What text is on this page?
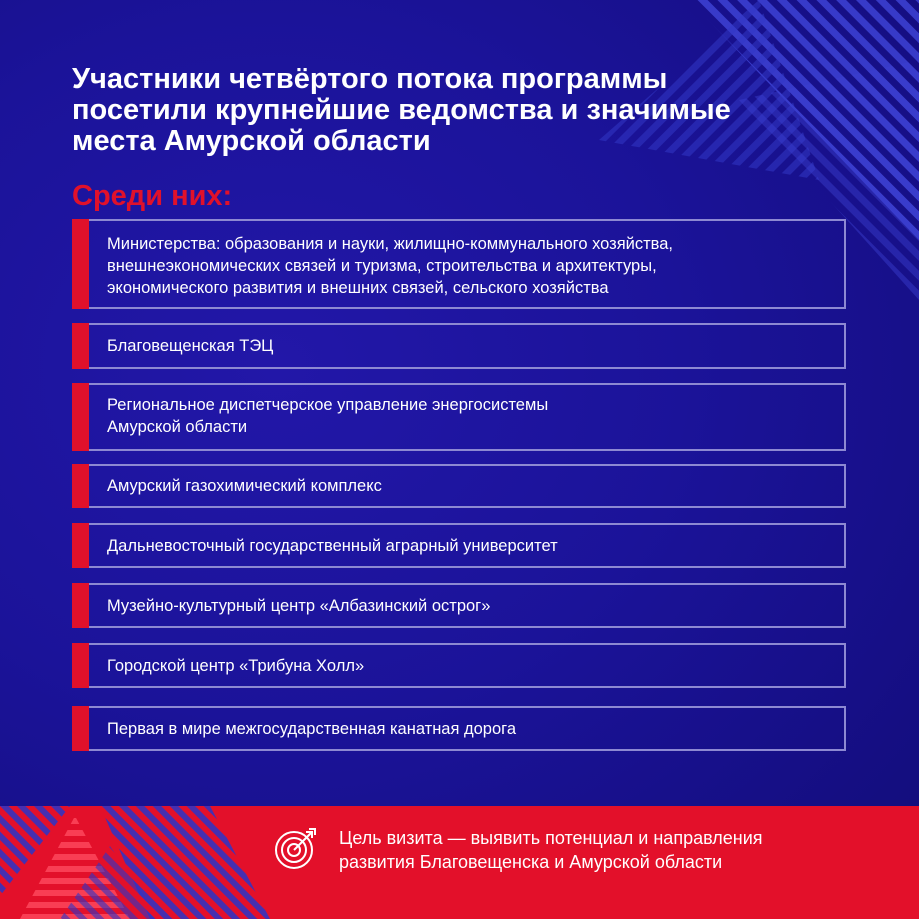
Участники четвёртого потока программы
посетили крупнейшие ведомства и значимые
места Амурской области
Среди них:
Министерства: образования и науки, жилищно-коммунального хозяйства,
внешнеэкономических связей и туризма, строительства и архитектуры,
экономического развития и внешних связей, сельского хозяйства
Благовещенская ТЭЦ
Региональное диспетчерское управление энергосистемы
Амурской области
Амурский газохимический комплекс
Дальневосточный государственный аграрный университет
Музейно-культурный центр «Албазинский острог»
Городской центр «Трибуна Холл»
Первая в мире межгосударственная канатная дорога
Цель визита — выявить потенциал и направления
развития Благовещенска и Амурской области
